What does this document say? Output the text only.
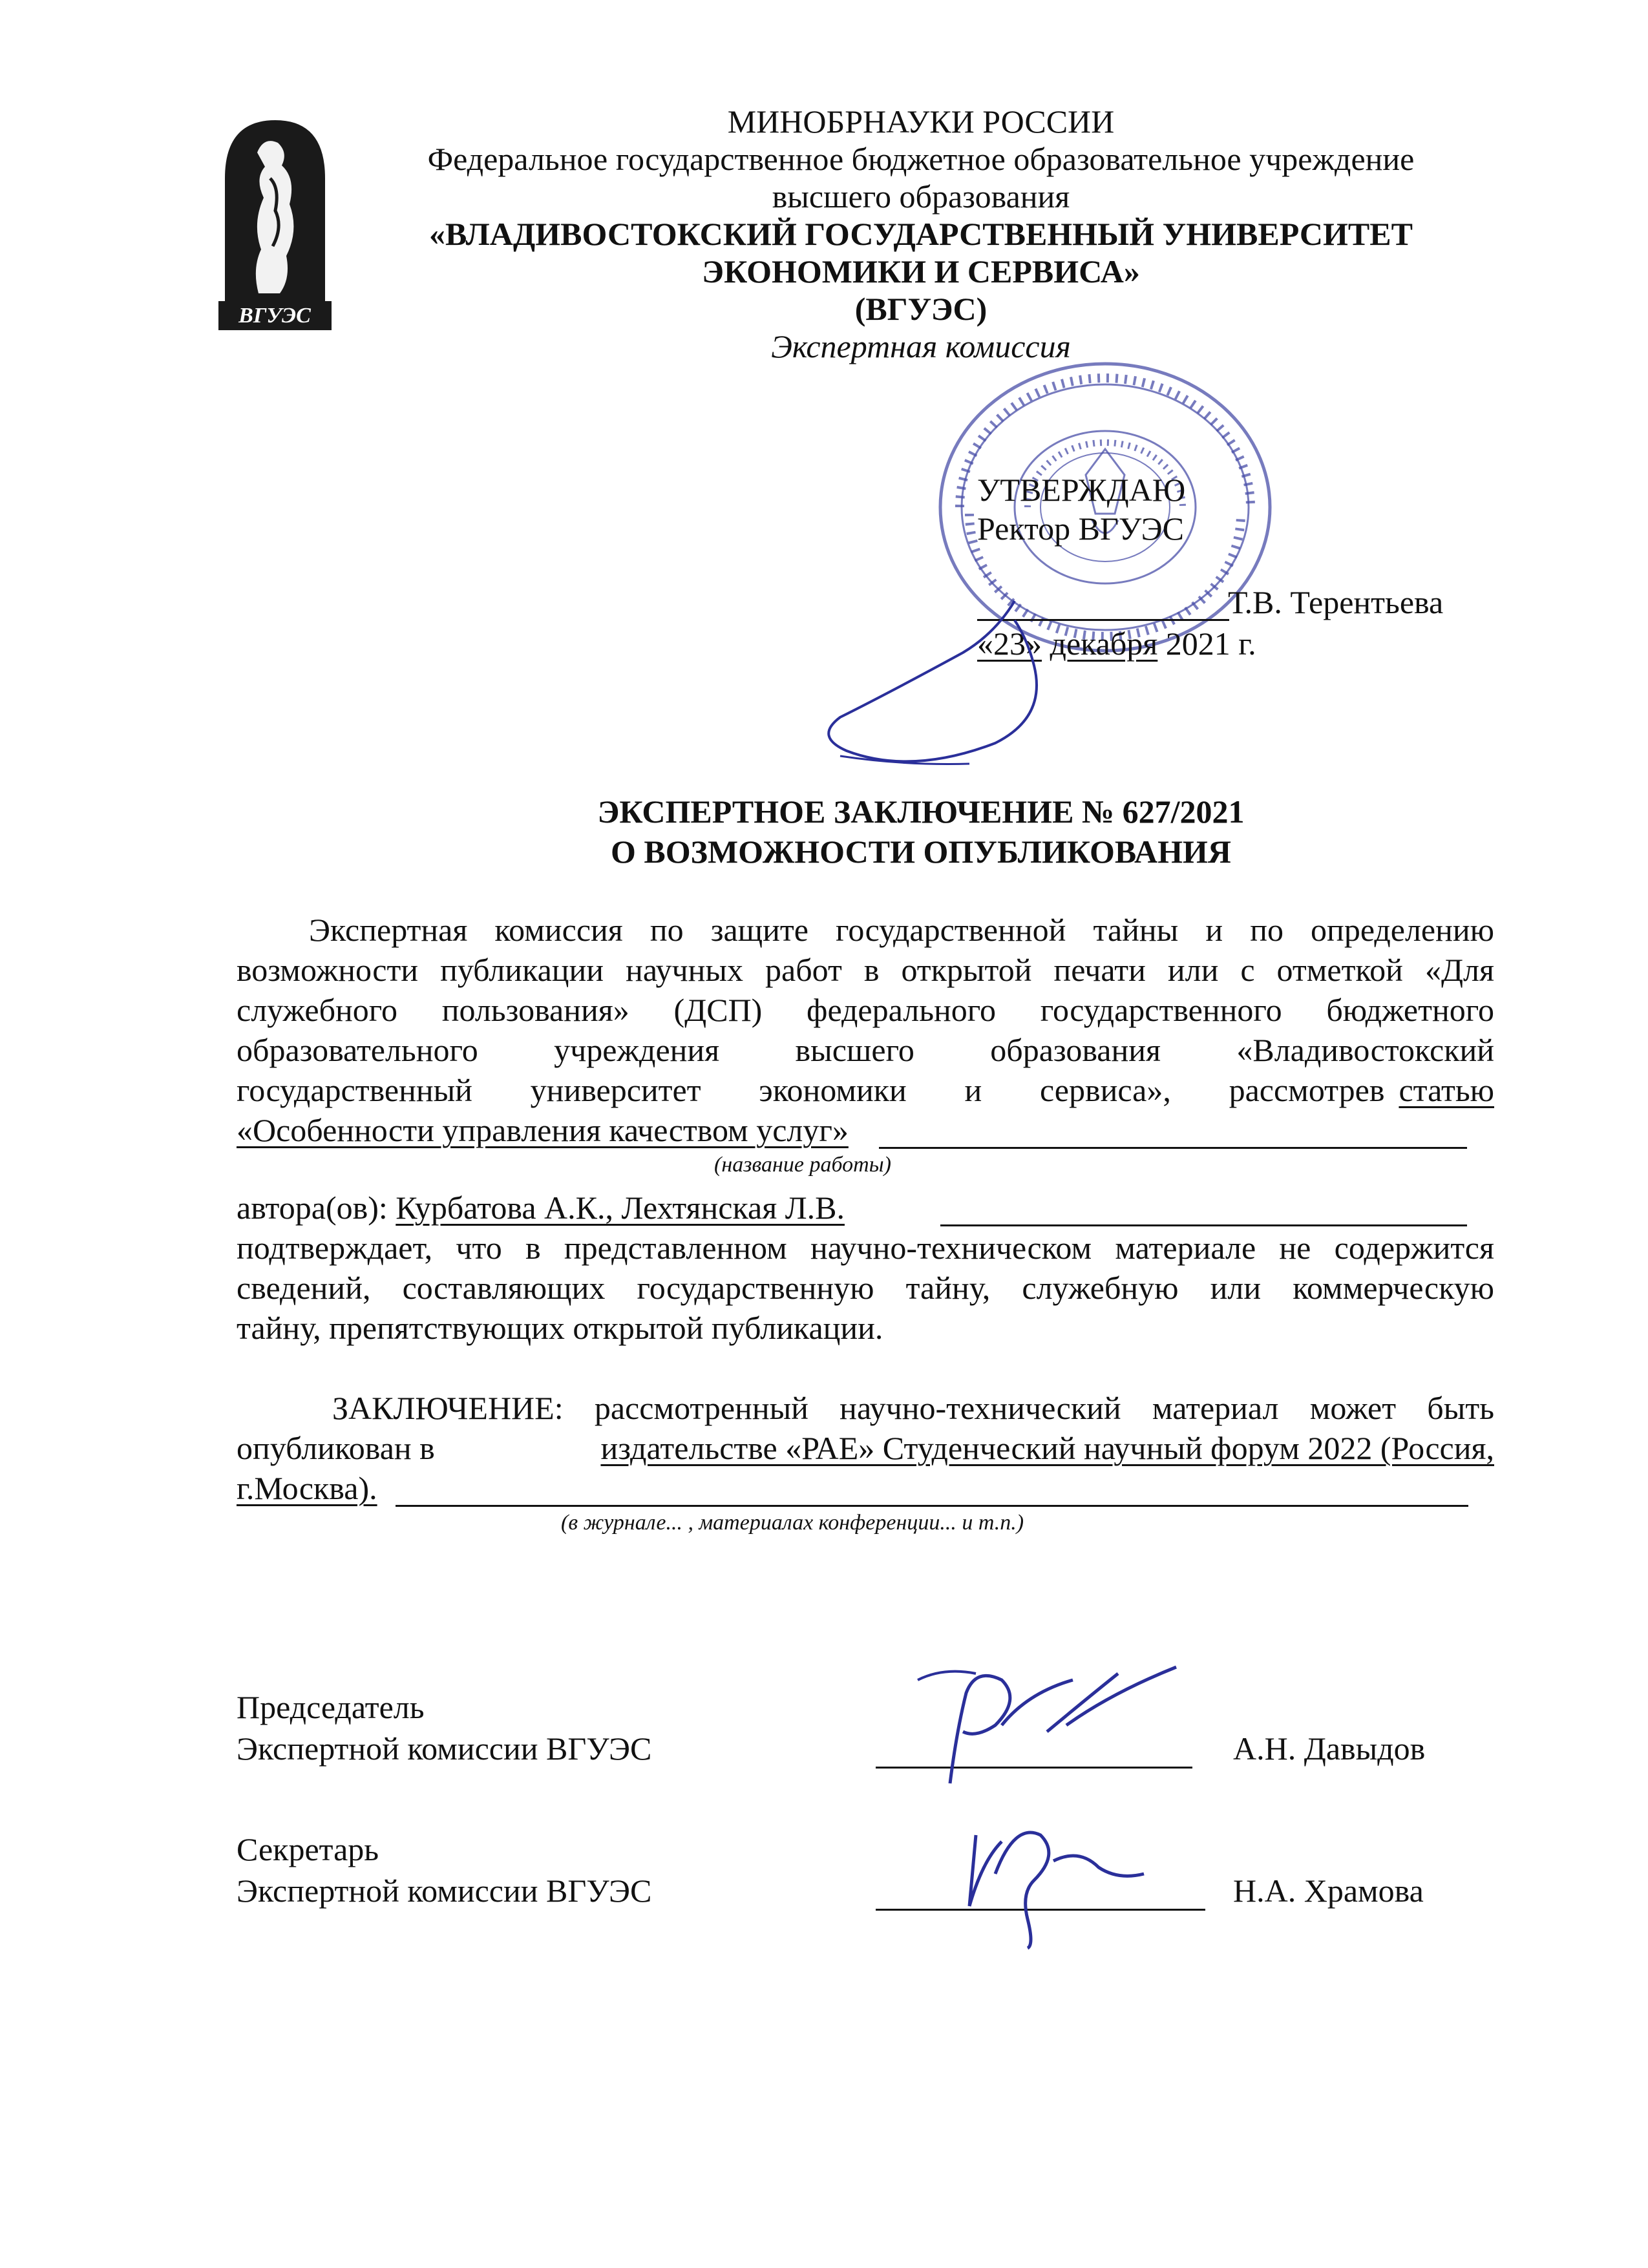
ВГУЭС
МИНОБРНАУКИ РОССИИ
Федеральное государственное бюджетное образовательное учреждение
высшего образования
«ВЛАДИВОСТОКСКИЙ ГОСУДАРСТВЕННЫЙ УНИВЕРСИТЕТ
ЭКОНОМИКИ И СЕРВИСА»
(ВГУЭС)
Экспертная комиссия
УТВЕРЖДАЮ
Ректор ВГУЭС
Т.В. Терентьева
«23» декабря 2021 г.
ЭКСПЕРТНОЕ ЗАКЛЮЧЕНИЕ № 627/2021
О ВОЗМОЖНОСТИ ОПУБЛИКОВАНИЯ
Экспертная комиссия по защите государственной тайны и по определению
возможности публикации научных работ в открытой печати или с отметкой «Для
служебного пользования» (ДСП) федерального государственного бюджетного
образовательного учреждения высшего образования «Владивостокский
государственный университет экономики и сервиса», рассмотрев статью
«Особенности управления качеством услуг»
(название работы)
автора(ов): Курбатова А.К., Лехтянская Л.В.
подтверждает, что в представленном научно-техническом материале не содержится
сведений, составляющих государственную тайну, служебную или коммерческую
тайну, препятствующих открытой публикации.
ЗАКЛЮЧЕНИЕ: рассмотренный научно-технический материал может быть
опубликован в	издательстве «РАЕ» Студенческий научный форум 2022 (Россия,
г.Москва).
(в журнале... , материалах конференции... и т.п.)
Председатель
Экспертной комиссии ВГУЭС	А.Н. Давыдов
Секретарь
Экспертной комиссии ВГУЭС	Н.А. Храмова
